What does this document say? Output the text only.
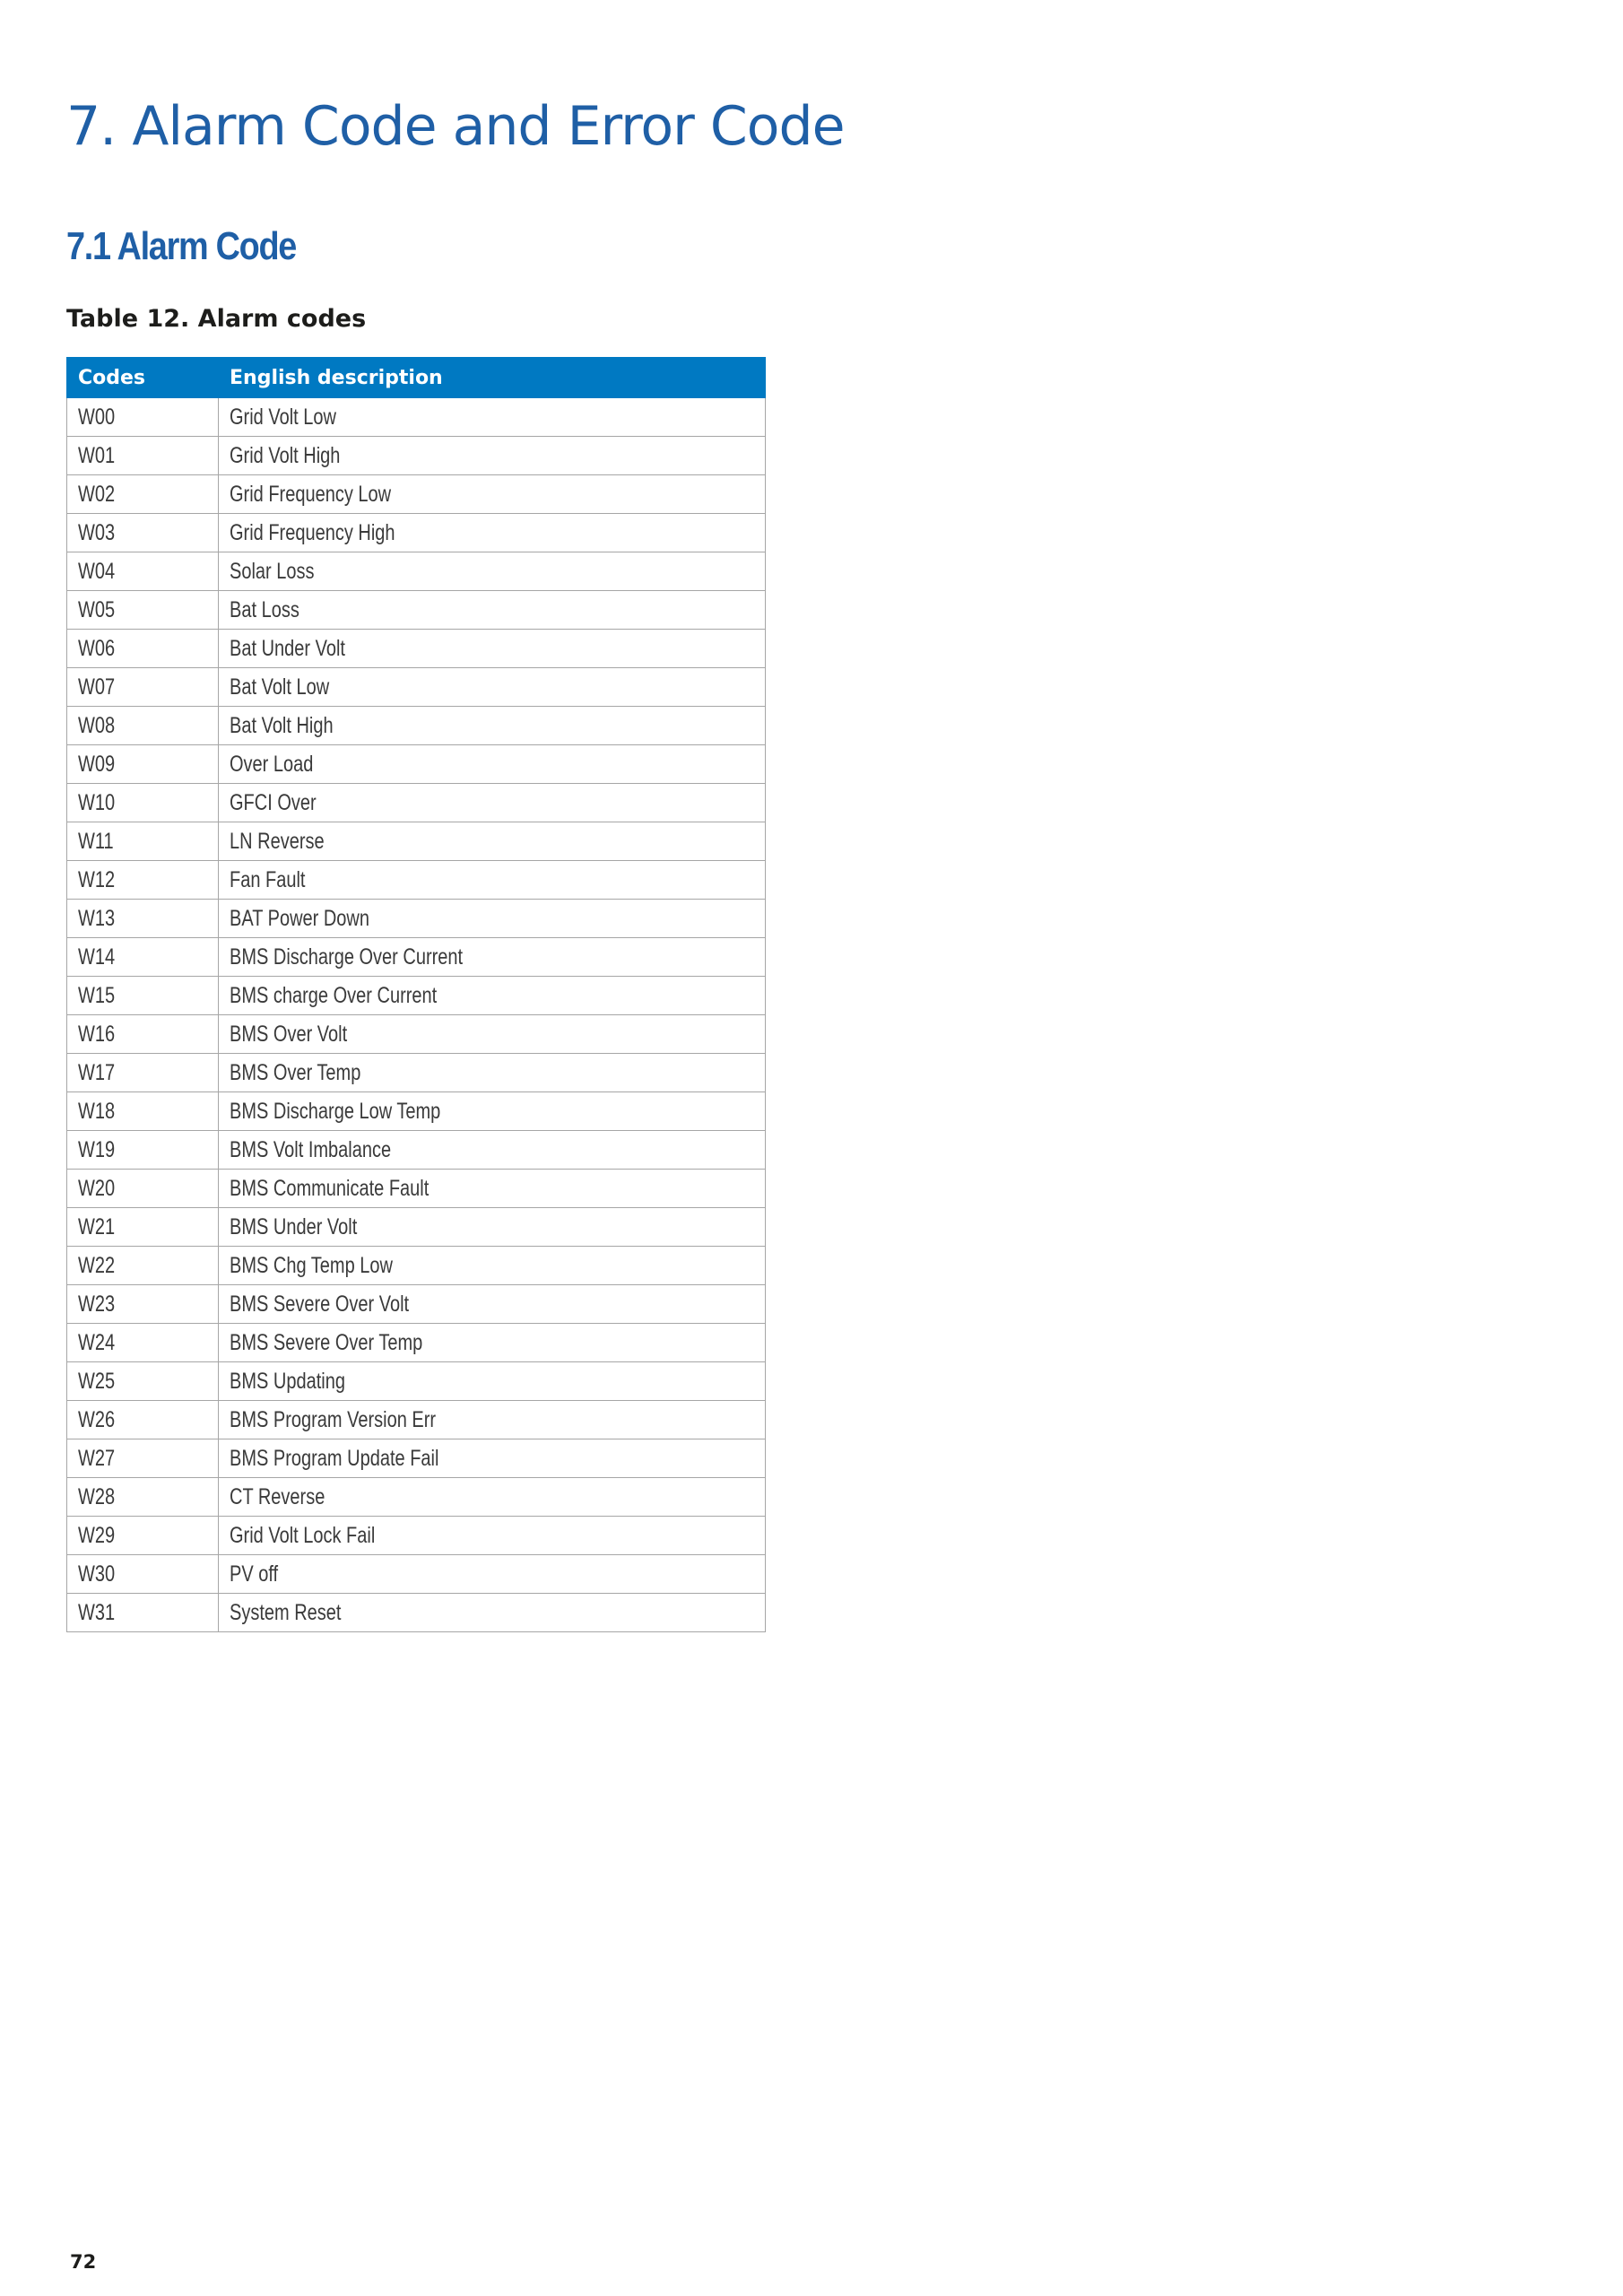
7. Alarm Code and Error Code
7.1 Alarm Code
Table 12. Alarm codes
Codes	English description
W00	Grid Volt Low
W01	Grid Volt High
W02	Grid Frequency Low
W03	Grid Frequency High
W04	Solar Loss
W05	Bat Loss
W06	Bat Under Volt
W07	Bat Volt Low
W08	Bat Volt High
W09	Over Load
W10	GFCI Over
W11	LN Reverse
W12	Fan Fault
W13	BAT Power Down
W14	BMS Discharge Over Current
W15	BMS charge Over Current
W16	BMS Over Volt
W17	BMS Over Temp
W18	BMS Discharge Low Temp
W19	BMS Volt Imbalance
W20	BMS Communicate Fault
W21	BMS Under Volt
W22	BMS Chg Temp Low
W23	BMS Severe Over Volt
W24	BMS Severe Over Temp
W25	BMS Updating
W26	BMS Program Version Err
W27	BMS Program Update Fail
W28	CT Reverse
W29	Grid Volt Lock Fail
W30	PV off
W31	System Reset
72
